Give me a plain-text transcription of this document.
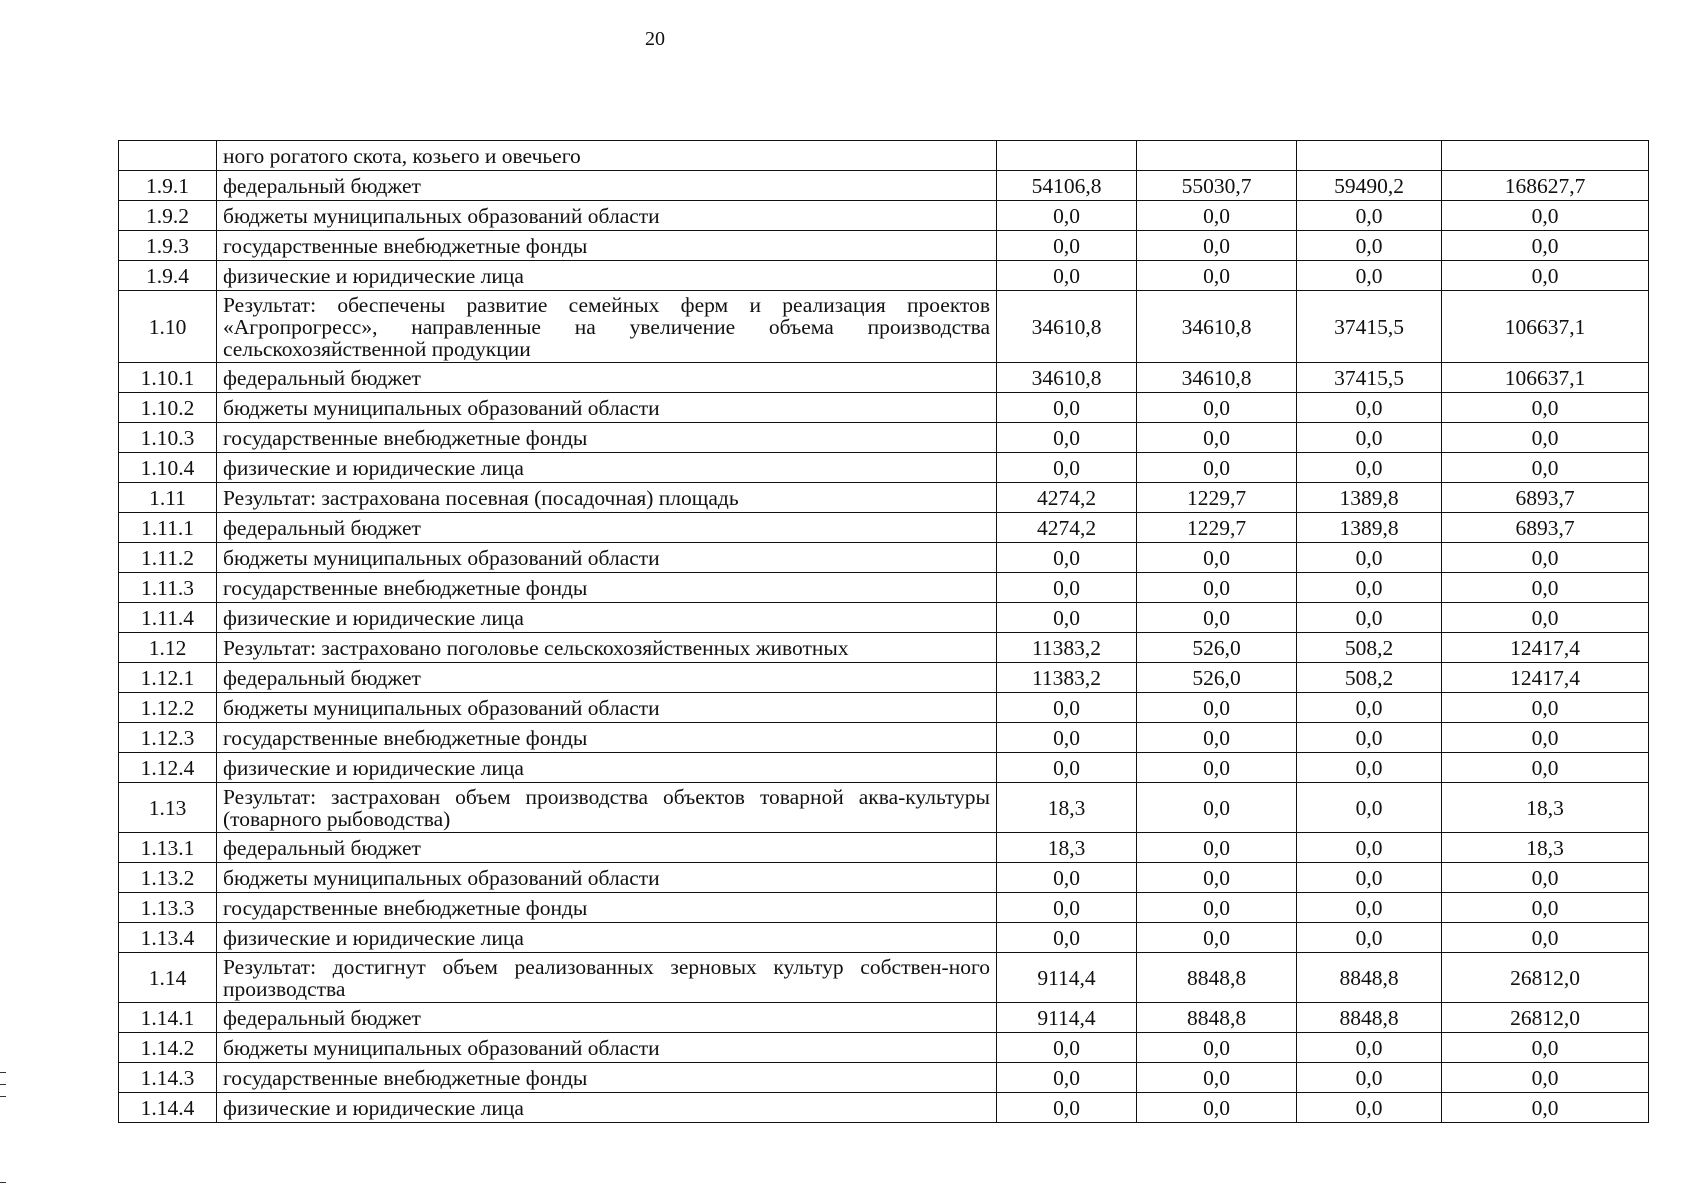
20
	ного рогатого скота, козьего и овечьего				
1.9.1	федеральный бюджет	54106,8	55030,7	59490,2	168627,7
1.9.2	бюджеты муниципальных образований области	0,0	0,0	0,0	0,0
1.9.3	государственные внебюджетные фонды	0,0	0,0	0,0	0,0
1.9.4	физические и юридические лица	0,0	0,0	0,0	0,0
1.10	Результат: обеспечены развитие семейных ферм и реализация проектов «Агропрогресс», направленные на увеличение объема производства сельскохозяйственной продукции	34610,8	34610,8	37415,5	106637,1
1.10.1	федеральный бюджет	34610,8	34610,8	37415,5	106637,1
1.10.2	бюджеты муниципальных образований области	0,0	0,0	0,0	0,0
1.10.3	государственные внебюджетные фонды	0,0	0,0	0,0	0,0
1.10.4	физические и юридические лица	0,0	0,0	0,0	0,0
1.11	Результат: застрахована посевная (посадочная) площадь	4274,2	1229,7	1389,8	6893,7
1.11.1	федеральный бюджет	4274,2	1229,7	1389,8	6893,7
1.11.2	бюджеты муниципальных образований области	0,0	0,0	0,0	0,0
1.11.3	государственные внебюджетные фонды	0,0	0,0	0,0	0,0
1.11.4	физические и юридические лица	0,0	0,0	0,0	0,0
1.12	Результат: застраховано поголовье сельскохозяйственных животных	11383,2	526,0	508,2	12417,4
1.12.1	федеральный бюджет	11383,2	526,0	508,2	12417,4
1.12.2	бюджеты муниципальных образований области	0,0	0,0	0,0	0,0
1.12.3	государственные внебюджетные фонды	0,0	0,0	0,0	0,0
1.12.4	физические и юридические лица	0,0	0,0	0,0	0,0
1.13	Результат: застрахован объем производства объектов товарной аква-культуры (товарного рыбоводства)	18,3	0,0	0,0	18,3
1.13.1	федеральный бюджет	18,3	0,0	0,0	18,3
1.13.2	бюджеты муниципальных образований области	0,0	0,0	0,0	0,0
1.13.3	государственные внебюджетные фонды	0,0	0,0	0,0	0,0
1.13.4	физические и юридические лица	0,0	0,0	0,0	0,0
1.14	Результат: достигнут объем реализованных зерновых культур собствен-ного производства	9114,4	8848,8	8848,8	26812,0
1.14.1	федеральный бюджет	9114,4	8848,8	8848,8	26812,0
1.14.2	бюджеты муниципальных образований области	0,0	0,0	0,0	0,0
1.14.3	государственные внебюджетные фонды	0,0	0,0	0,0	0,0
1.14.4	физические и юридические лица	0,0	0,0	0,0	0,0
